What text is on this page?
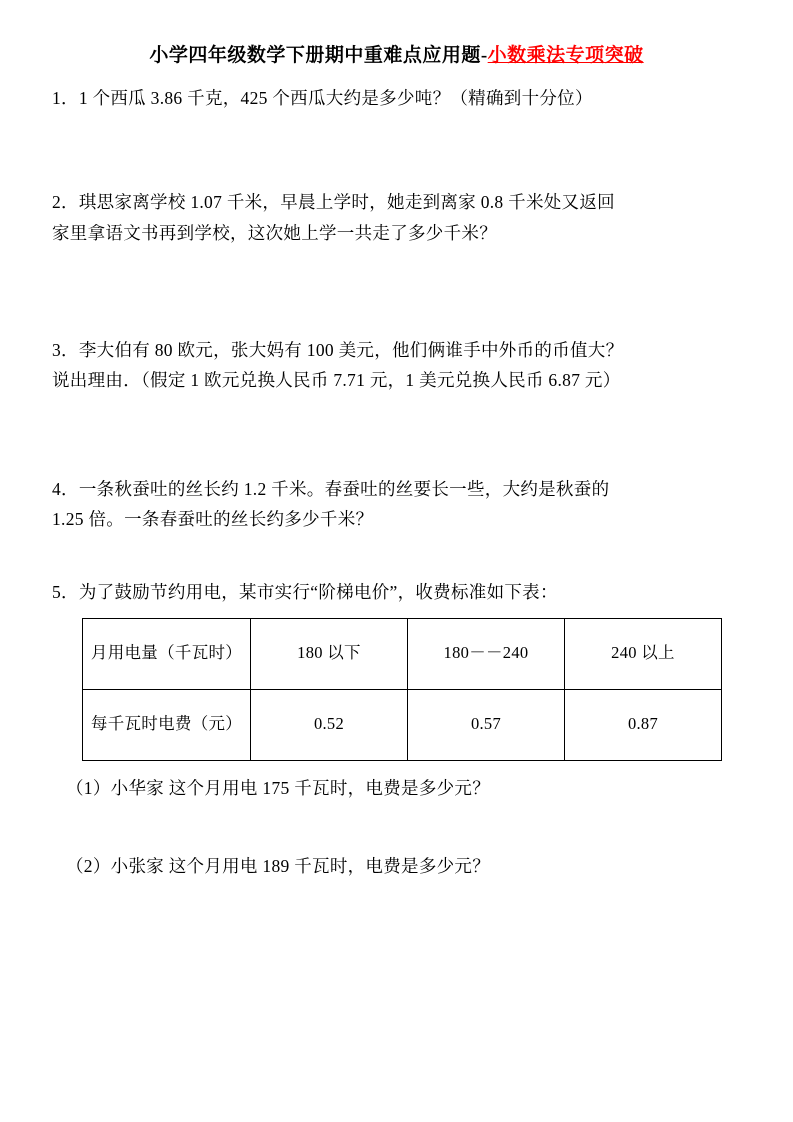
小学四年级数学下册期中重难点应用题-小数乘法专项突破

1．1 个西瓜 3.86 千克，425 个西瓜大约是多少吨？（精确到十分位）

2．琪思家离学校 1.07 千米，早晨上学时，她走到离家 0.8 千米处又返回

家里拿语文书再到学校，这次她上学一共走了多少千米？

3．李大伯有 80 欧元，张大妈有 100 美元，他们俩谁手中外币的币值大？

说出理由．（假定 1 欧元兑换人民币 7.71 元，1 美元兑换人民币 6.87 元）

4．一条秋蚕吐的丝长约 1.2 千米。春蚕吐的丝要长一些，大约是秋蚕的

1.25 倍。一条春蚕吐的丝长约多少千米？

5．为了鼓励节约用电，某市实行“阶梯电价”，收费标准如下表：

月用电量（千瓦时）	180 以下	180－－240	240 以上
每千瓦时电费（元）	0.52	0.57	0.87

（1）小华家 这个月用电 175 千瓦时，电费是多少元？

（2）小张家 这个月用电 189 千瓦时，电费是多少元？
